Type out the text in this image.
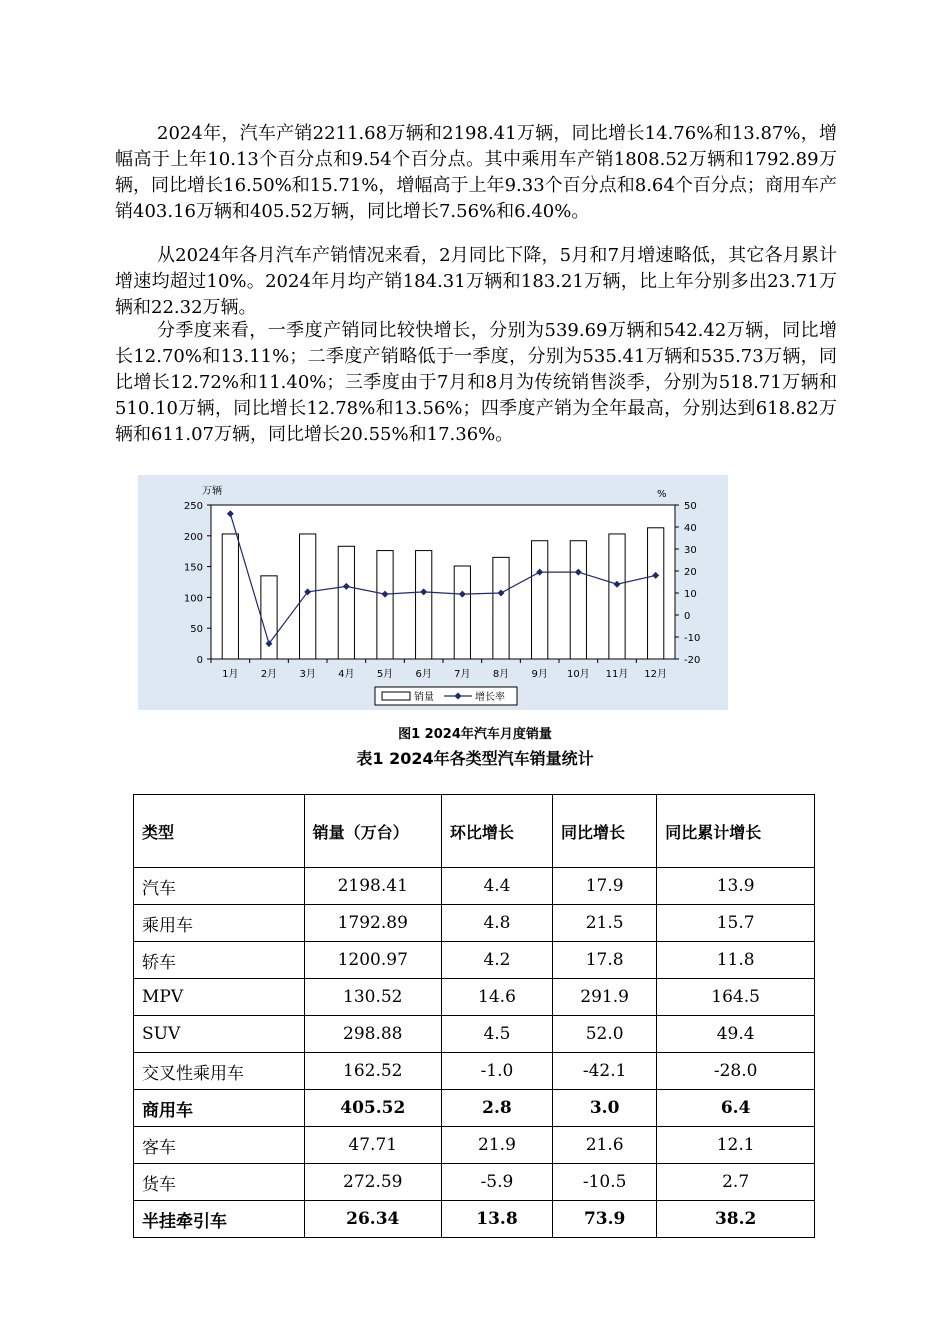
2024年，汽车产销2211.68万辆和2198.41万辆，同比增长14.76%和13.87%，增幅高于上年10.13个百分点和9.54个百分点。其中乘用车产销1808.52万辆和1792.89万辆，同比增长16.50%和15.71%，增幅高于上年9.33个百分点和8.64个百分点；商用车产销403.16万辆和405.52万辆，同比增长7.56%和6.40%。

从2024年各月汽车产销情况来看，2月同比下降，5月和7月增速略低，其它各月累计增速均超过10%。2024年月均产销184.31万辆和183.21万辆，比上年分别多出23.71万辆和22.32万辆。

分季度来看，一季度产销同比较快增长，分别为539.69万辆和542.42万辆，同比增长12.70%和13.11%；二季度产销略低于一季度，分别为535.41万辆和535.73万辆，同比增长12.72%和11.40%；三季度由于7月和8月为传统销售淡季，分别为518.71万辆和510.10万辆，同比增长12.78%和13.56%；四季度产销为全年最高，分别达到618.82万辆和611.07万辆，同比增长20.55%和17.36%。

250
200
150
100
50
0
50
40
30
20
10
0
-10
-20
万辆	%
1月 2月 3月 4月 5月 6月 7月 8月 9月 10月 11月 12月
销量	增长率
图1 2024年汽车月度销量
表1 2024年各类型汽车销量统计
类型	销量（万台）	环比增长	同比增长	同比累计增长
汽车	2198.41	4.4	17.9	13.9
乘用车	1792.89	4.8	21.5	15.7
轿车	1200.97	4.2	17.8	11.8
MPV	130.52	14.6	291.9	164.5
SUV	298.88	4.5	52.0	49.4
交叉性乘用车	162.52	-1.0	-42.1	-28.0
商用车	405.52	2.8	3.0	6.4
客车	47.71	21.9	21.6	12.1
货车	272.59	-5.9	-10.5	2.7
半挂牵引车	26.34	13.8	73.9	38.2
